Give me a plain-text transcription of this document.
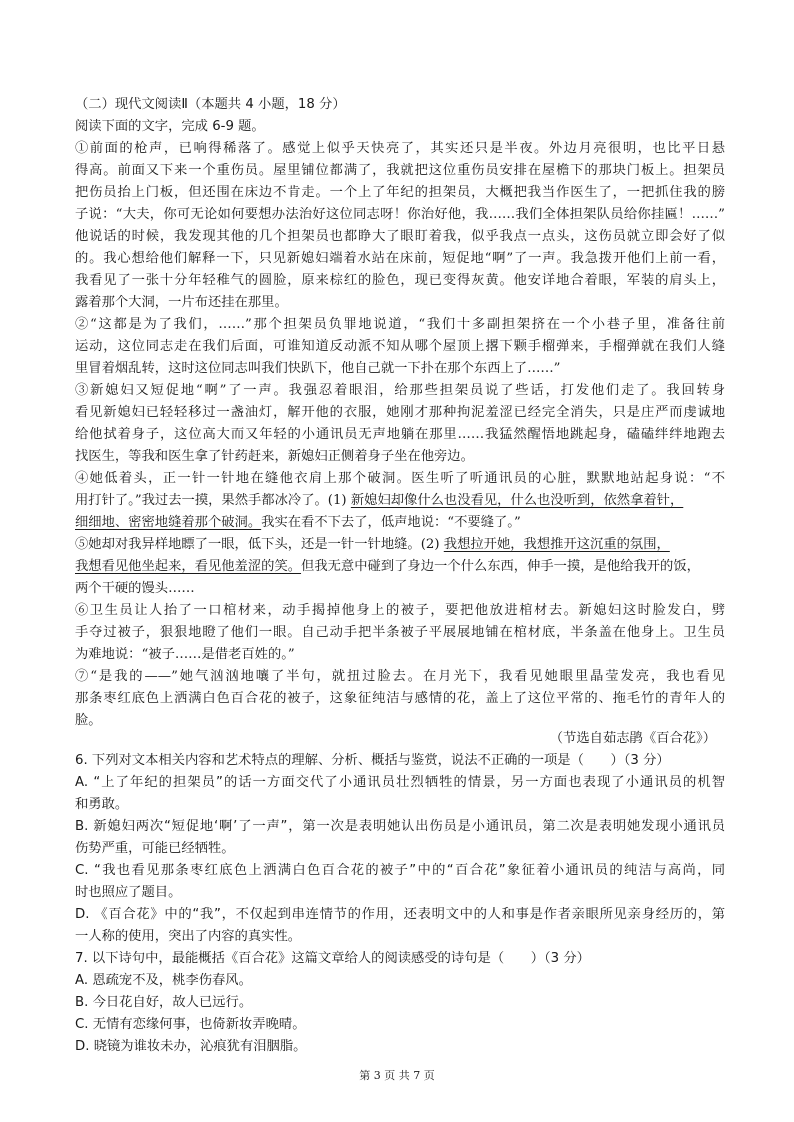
（二）现代文阅读Ⅱ（本题共 4 小题，18 分）
阅读下面的文字，完成 6-9 题。
①前面的枪声，已响得稀落了。感觉上似乎天快亮了，其实还只是半夜。外边月亮很明，也比平日悬
得高。前面又下来一个重伤员。屋里铺位都满了，我就把这位重伤员安排在屋檐下的那块门板上。担架员
把伤员抬上门板，但还围在床边不肯走。一个上了年纪的担架员，大概把我当作医生了，一把抓住我的膀
子说：“大夫，你可无论如何要想办法治好这位同志呀！你治好他，我……我们全体担架队员给你挂匾！……”
他说话的时候，我发现其他的几个担架员也都睁大了眼盯着我，似乎我点一点头，这伤员就立即会好了似
的。我心想给他们解释一下，只见新媳妇端着水站在床前，短促地“啊”了一声。我急拨开他们上前一看，
我看见了一张十分年轻稚气的圆脸，原来棕红的脸色，现已变得灰黄。他安详地合着眼，军装的肩头上，
露着那个大洞，一片布还挂在那里。
②“这都是为了我们，……”那个担架员负罪地说道，“我们十多副担架挤在一个小巷子里，准备往前
运动，这位同志走在我们后面，可谁知道反动派不知从哪个屋顶上撂下颗手榴弹来，手榴弹就在我们人缝
里冒着烟乱转，这时这位同志叫我们快趴下，他自己就一下扑在那个东西上了……”
③新媳妇又短促地“啊”了一声。我强忍着眼泪，给那些担架员说了些话，打发他们走了。我回转身
看见新媳妇已轻轻移过一盏油灯，解开他的衣服，她刚才那种拘泥羞涩已经完全消失，只是庄严而虔诚地
给他拭着身子，这位高大而又年轻的小通讯员无声地躺在那里……我猛然醒悟地跳起身，磕磕绊绊地跑去
找医生，等我和医生拿了针药赶来，新媳妇正侧着身子坐在他旁边。
④她低着头，正一针一针地在缝他衣肩上那个破洞。医生听了听通讯员的心脏，默默地站起身说：“不
用打针了。”我过去一摸，果然手都冰冷了。(1) 新媳妇却像什么也没看见，什么也没听到，依然拿着针，
细细地、密密地缝着那个破洞。我实在看不下去了，低声地说：“不要缝了。”
⑤她却对我异样地瞟了一眼，低下头，还是一针一针地缝。(2) 我想拉开她，我想推开这沉重的氛围，
我想看见他坐起来，看见他羞涩的笑。但我无意中碰到了身边一个什么东西，伸手一摸，是他给我开的饭，
两个干硬的馒头……
⑥卫生员让人抬了一口棺材来，动手揭掉他身上的被子，要把他放进棺材去。新媳妇这时脸发白，劈
手夺过被子，狠狠地瞪了他们一眼。自己动手把半条被子平展展地铺在棺材底，半条盖在他身上。卫生员
为难地说：“被子……是借老百姓的。”
⑦“是我的——”她气汹汹地嚷了半句，就扭过脸去。在月光下，我看见她眼里晶莹发亮，我也看见
那条枣红底色上洒满白色百合花的被子，这象征纯洁与感情的花，盖上了这位平常的、拖毛竹的青年人的
脸。
（节选自茹志鹃《百合花》）
6. 下列对文本相关内容和艺术特点的理解、分析、概括与鉴赏，说法不正确的一项是（　　）（3 分）
A. “上了年纪的担架员”的话一方面交代了小通讯员壮烈牺牲的情景，另一方面也表现了小通讯员的机智
和勇敢。
B. 新媳妇两次“短促地‘啊’了一声”，第一次是表明她认出伤员是小通讯员，第二次是表明她发现小通讯员
伤势严重，可能已经牺牲。
C. “我也看见那条枣红底色上洒满白色百合花的被子”中的“百合花”象征着小通讯员的纯洁与高尚，同
时也照应了题目。
D. 《百合花》中的“我”，不仅起到串连情节的作用，还表明文中的人和事是作者亲眼所见亲身经历的，第
一人称的使用，突出了内容的真实性。
7. 以下诗句中，最能概括《百合花》这篇文章给人的阅读感受的诗句是（　　）（3 分）
A. 恩疏宠不及，桃李伤春风。
B. 今日花自好，故人已远行。
C. 无情有恋缘何事，也倚新妆弄晚晴。
D. 晓镜为谁妆未办，沁痕犹有泪胭脂。
第 3 页 共 7 页
